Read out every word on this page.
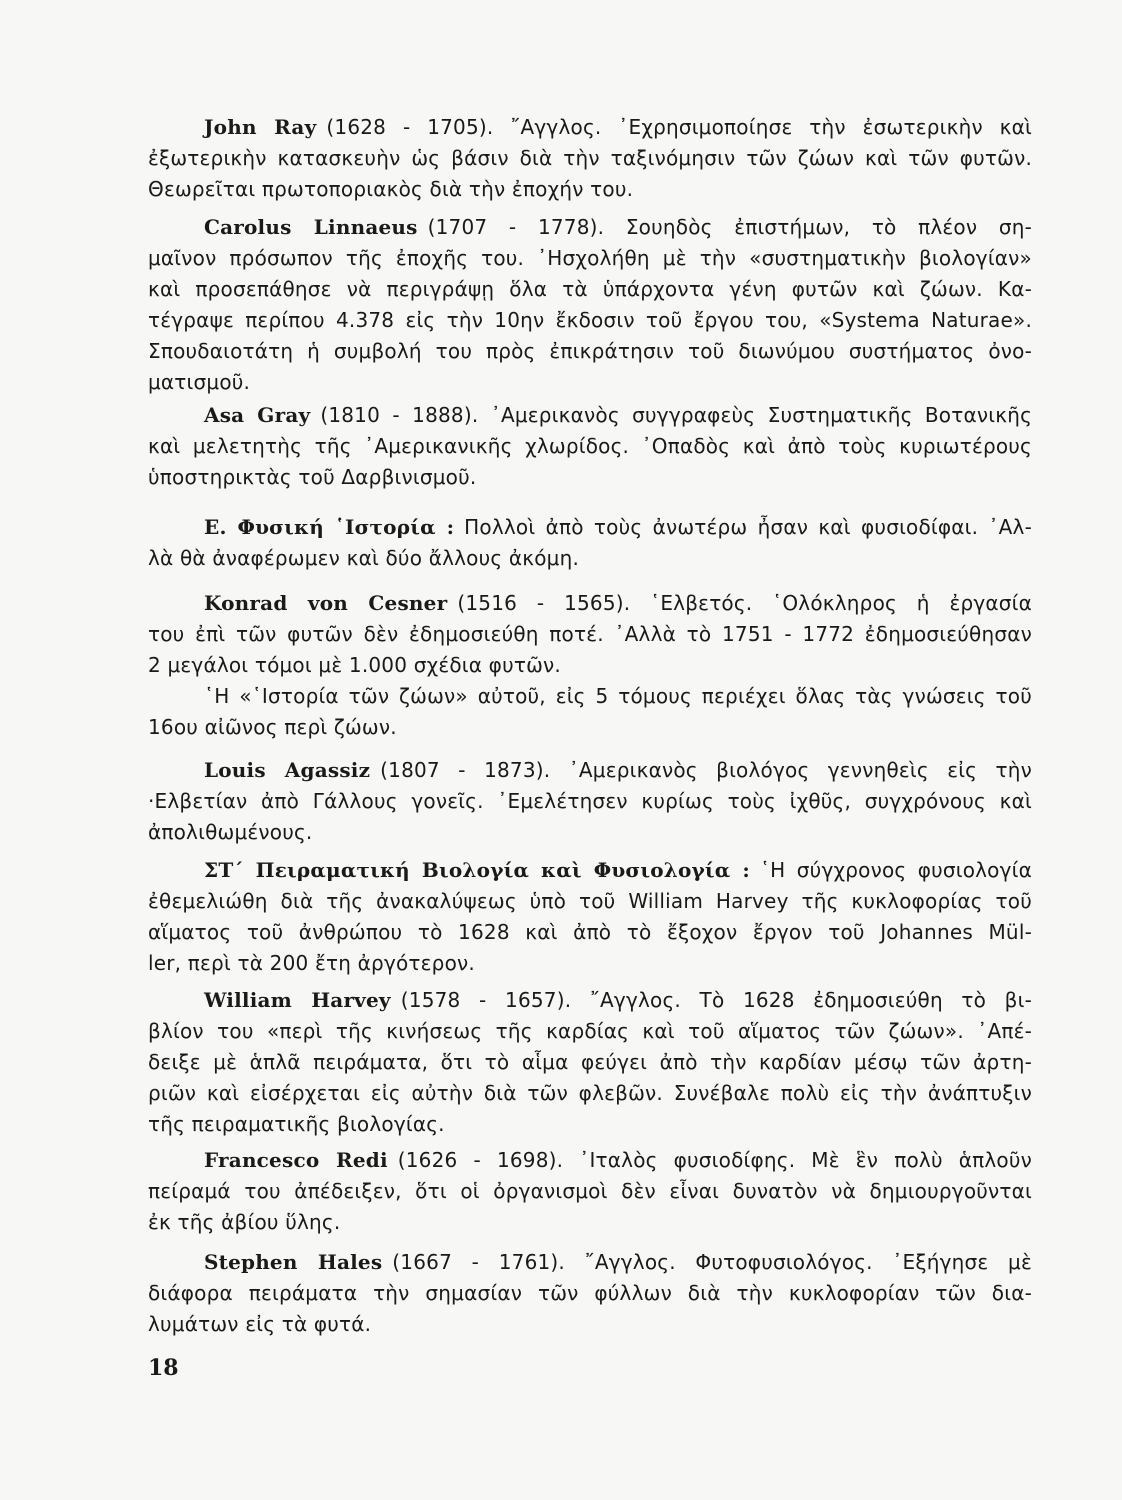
John Ray (1628 - 1705). ῎Αγγλος. ᾿Εχρησιμοποίησε τὴν ἐσωτερικὴν καὶ
ἐξωτερικὴν κατασκευὴν ὡς βάσιν διὰ τὴν ταξινόμησιν τῶν ζώων καὶ τῶν φυτῶν.
Θεωρεῖται πρωτοποριακὸς διὰ τὴν ἐποχήν του.
Carolus Linnaeus (1707 - 1778). Σουηδὸς ἐπιστήμων, τὸ πλέον ση-
μαῖνον πρόσωπον τῆς ἐποχῆς του. ᾿Ησχολήθη μὲ τὴν «συστηματικὴν βιολογίαν»
καὶ προσεπάθησε νὰ περιγράψῃ ὅλα τὰ ὑπάρχοντα γένη φυτῶν καὶ ζώων. Κα-
τέγραψε περίπου 4.378 εἰς τὴν 10ην ἔκδοσιν τοῦ ἔργου του, «Systema Naturae».
Σπουδαιοτάτη ἡ συμβολή του πρὸς ἐπικράτησιν τοῦ διωνύμου συστήματος ὀνο-
ματισμοῦ.
Asa Gray (1810 - 1888). ᾿Αμερικανὸς συγγραφεὺς Συστηματικῆς Βοτανικῆς
καὶ μελετητὴς τῆς ᾿Αμερικανικῆς χλωρίδος. ᾿Οπαδὸς καὶ ἀπὸ τοὺς κυριωτέρους
ὑποστηρικτὰς τοῦ Δαρβινισμοῦ.
Ε. Φυσική ῾Ιστορία : Πολλοὶ ἀπὸ τοὺς ἀνωτέρω ἦσαν καὶ φυσιοδίφαι. ᾿Αλ-
λὰ θὰ ἀναφέρωμεν καὶ δύο ἄλλους ἀκόμη.
Konrad von Cesner (1516 - 1565). ῾Ελβετός. ῾Ολόκληρος ἡ ἐργασία
του ἐπὶ τῶν φυτῶν δὲν ἐδημοσιεύθη ποτέ. ᾿Αλλὰ τὸ 1751 - 1772 ἐδημοσιεύθησαν
2 μεγάλοι τόμοι μὲ 1.000 σχέδια φυτῶν.
῾Η «῾Ιστορία τῶν ζώων» αὐτοῦ, εἰς 5 τόμους περιέχει ὅλας τὰς γνώσεις τοῦ
16ου αἰῶνος περὶ ζώων.
Louis Agassiz (1807 - 1873). ᾿Αμερικανὸς βιολόγος γεννηθεὶς εἰς τὴν
·Ελβετίαν ἀπὸ Γάλλους γονεῖς. ᾿Εμελέτησεν κυρίως τοὺς ἰχθῦς, συγχρόνους καὶ
ἀπολιθωμένους.
ΣΤ΄ Πειραματική Βιολογία καὶ Φυσιολογία : ῾Η σύγχρονος φυσιολογία
ἐθεμελιώθη διὰ τῆς ἀνακαλύψεως ὑπὸ τοῦ William Harvey τῆς κυκλοφορίας τοῦ
αἵματος τοῦ ἀνθρώπου τὸ 1628 καὶ ἀπὸ τὸ ἔξοχον ἔργον τοῦ Johannes Mül-
ler, περὶ τὰ 200 ἔτη ἀργότερον.
William Harvey (1578 - 1657). ῎Αγγλος. Τὸ 1628 ἐδημοσιεύθη τὸ βι-
βλίον του «περὶ τῆς κινήσεως τῆς καρδίας καὶ τοῦ αἵματος τῶν ζώων». ᾿Απέ-
δειξε μὲ ἁπλᾶ πειράματα, ὅτι τὸ αἷμα φεύγει ἀπὸ τὴν καρδίαν μέσῳ τῶν ἀρτη-
ριῶν καὶ εἰσέρχεται εἰς αὐτὴν διὰ τῶν φλεβῶν. Συνέβαλε πολὺ εἰς τὴν ἀνάπτυξιν
τῆς πειραματικῆς βιολογίας.
Francesco Redi (1626 - 1698). ᾿Ιταλὸς φυσιοδίφης. Μὲ ἓν πολὺ ἁπλοῦν
πείραμά του ἀπέδειξεν, ὅτι οἱ ὀργανισμοὶ δὲν εἶναι δυνατὸν νὰ δημιουργοῦνται
ἐκ τῆς ἀβίου ὕλης.
Stephen Hales (1667 - 1761). ῎Αγγλος. Φυτοφυσιολόγος. ᾿Εξήγησε μὲ
διάφορα πειράματα τὴν σημασίαν τῶν φύλλων διὰ τὴν κυκλοφορίαν τῶν δια-
λυμάτων εἰς τὰ φυτά.
18
